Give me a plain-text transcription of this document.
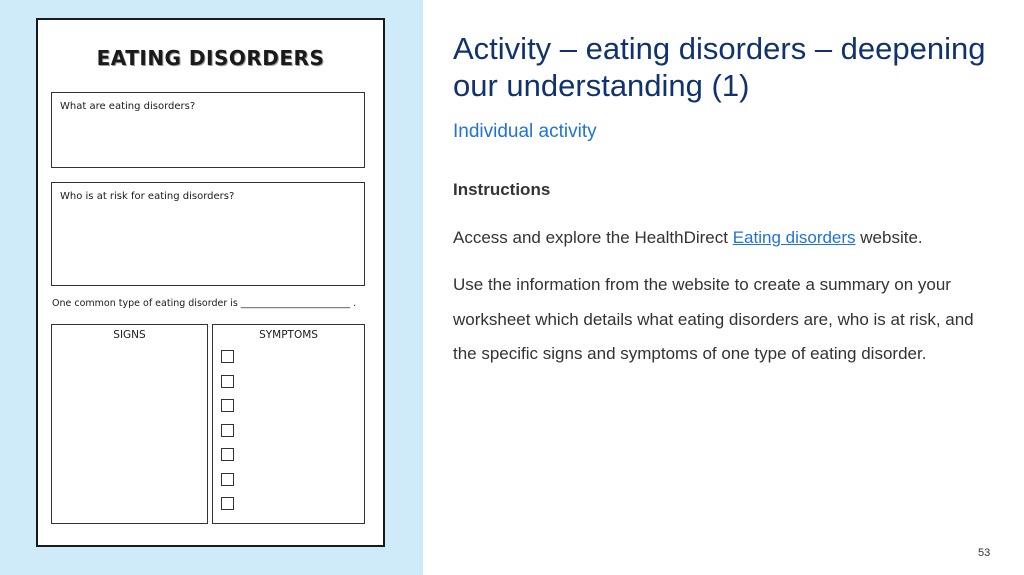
EATING DISORDERS
What are eating disorders?
Who is at risk for eating disorders?
One common type of eating disorder is _______________________ .
SIGNS	SYMPTOMS
Activity – eating disorders – deepening our understanding (1)
Individual activity
Instructions

Access and explore the HealthDirect Eating disorders website.

Use the information from the website to create a summary on your worksheet which details what eating disorders are, who is at risk, and the specific signs and symptoms of one type of eating disorder.

53
